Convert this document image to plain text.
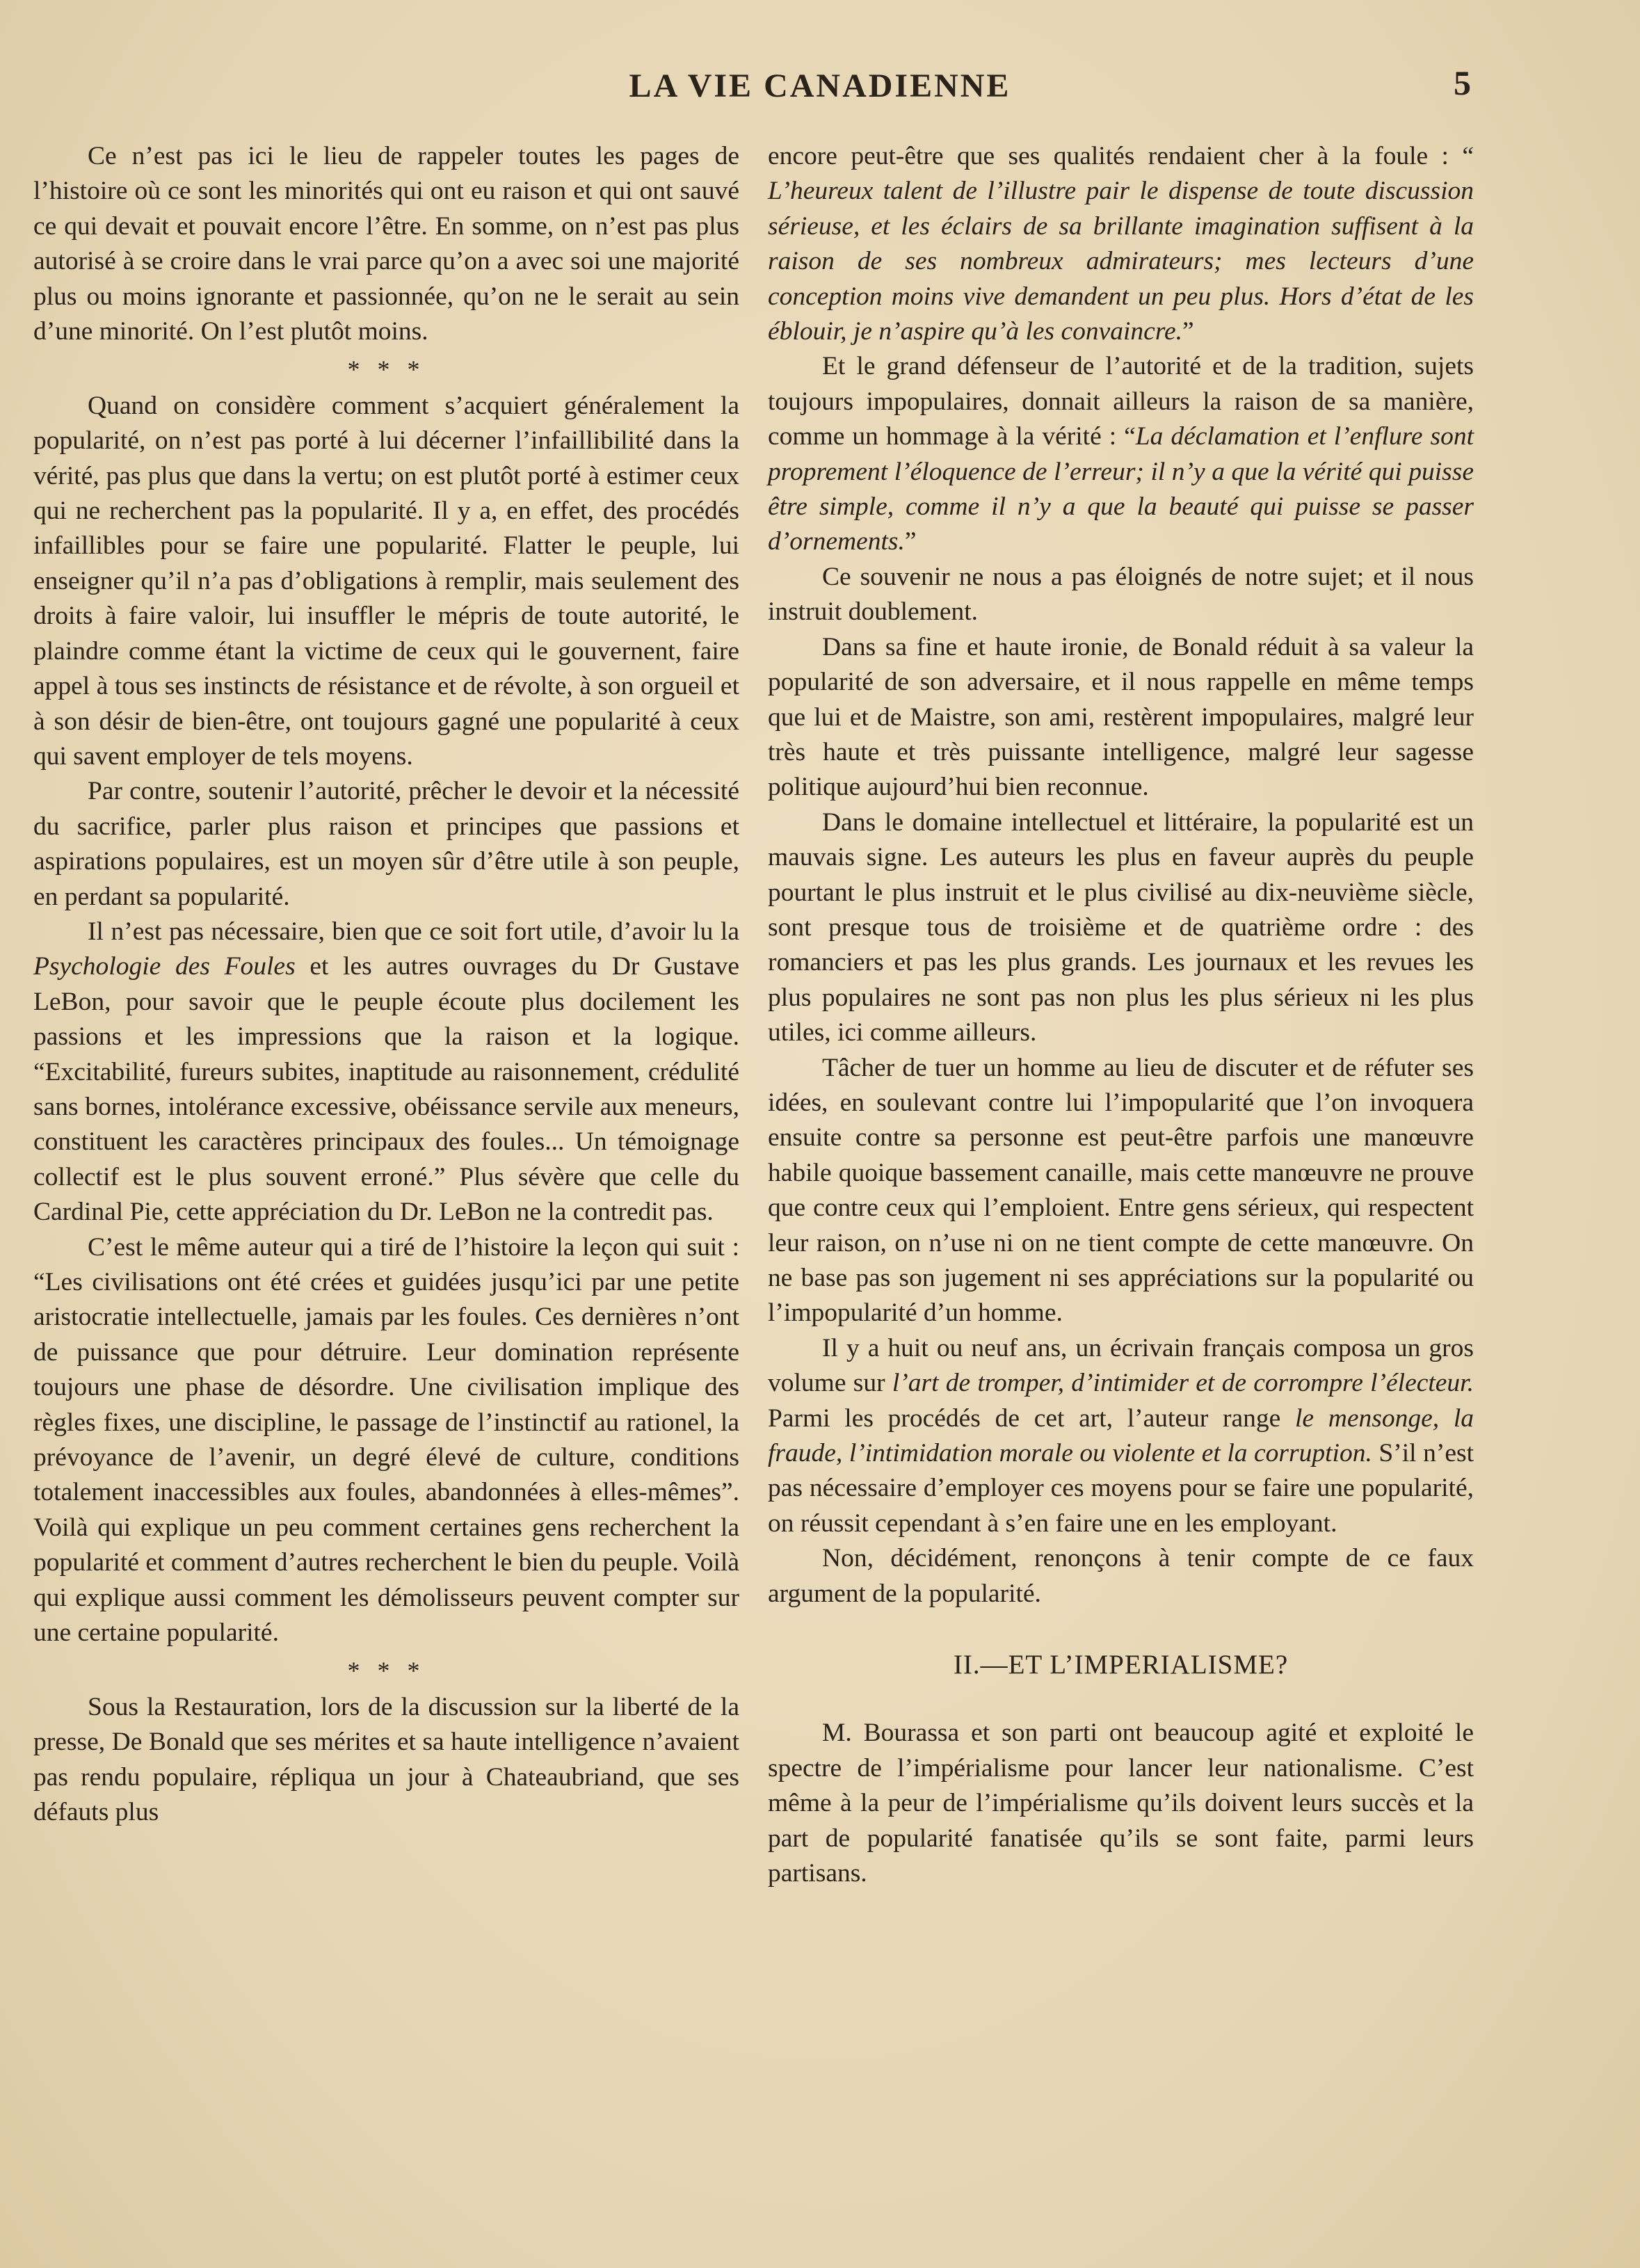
LA VIE CANADIENNE	5

Ce n’est pas ici le lieu de rappeler toutes les pages de l’histoire où ce sont les minorités qui ont eu raison et qui ont sauvé ce qui devait et pouvait encore l’être. En somme, on n’est pas plus autorisé à se croire dans le vrai parce qu’on a avec soi une majorité plus ou moins ignorante et passionnée, qu’on ne le serait au sein d’une minorité. On l’est plutôt moins.

* * *

Quand on considère comment s’acquiert généralement la popularité, on n’est pas porté à lui décerner l’infaillibilité dans la vérité, pas plus que dans la vertu; on est plutôt porté à estimer ceux qui ne recherchent pas la popularité. Il y a, en effet, des procédés infaillibles pour se faire une popularité. Flatter le peuple, lui enseigner qu’il n’a pas d’obligations à remplir, mais seulement des droits à faire valoir, lui insuffler le mépris de toute autorité, le plaindre comme étant la victime de ceux qui le gouvernent, faire appel à tous ses instincts de résistance et de révolte, à son orgueil et à son désir de bien-être, ont toujours gagné une popularité à ceux qui savent employer de tels moyens.

Par contre, soutenir l’autorité, prêcher le devoir et la nécessité du sacrifice, parler plus raison et principes que passions et aspirations populaires, est un moyen sûr d’être utile à son peuple, en perdant sa popularité.

Il n’est pas nécessaire, bien que ce soit fort utile, d’avoir lu la Psychologie des Foules et les autres ouvrages du Dr Gustave LeBon, pour savoir que le peuple écoute plus docilement les passions et les impressions que la raison et la logique. “Excitabilité, fureurs subites, inaptitude au raisonnement, crédulité sans bornes, intolérance excessive, obéissance servile aux meneurs, constituent les caractères principaux des foules... Un témoignage collectif est le plus souvent erroné.” Plus sévère que celle du Cardinal Pie, cette appréciation du Dr. LeBon ne la contredit pas.

C’est le même auteur qui a tiré de l’histoire la leçon qui suit : “Les civilisations ont été crées et guidées jusqu’ici par une petite aristocratie intellectuelle, jamais par les foules. Ces dernières n’ont de puissance que pour détruire. Leur domination représente toujours une phase de désordre. Une civilisation implique des règles fixes, une discipline, le passage de l’instinctif au rationel, la prévoyance de l’avenir, un degré élevé de culture, conditions totalement inaccessibles aux foules, abandonnées à elles-mêmes”. Voilà qui explique un peu comment certaines gens recherchent la popularité et comment d’autres recherchent le bien du peuple. Voilà qui explique aussi comment les démolisseurs peuvent compter sur une certaine popularité.

* * *

Sous la Restauration, lors de la discussion sur la liberté de la presse, De Bonald que ses mérites et sa haute intelligence n’avaient pas rendu populaire, répliqua un jour à Chateaubriand, que ses défauts plus

encore peut-être que ses qualités rendaient cher à la foule : “ L’heureux talent de l’illustre pair le dispense de toute discussion sérieuse, et les éclairs de sa brillante imagination suffisent à la raison de ses nombreux admirateurs; mes lecteurs d’une conception moins vive demandent un peu plus. Hors d’état de les éblouir, je n’aspire qu’à les convaincre.”

Et le grand défenseur de l’autorité et de la tradition, sujets toujours impopulaires, donnait ailleurs la raison de sa manière, comme un hommage à la vérité : “La déclamation et l’enflure sont proprement l’éloquence de l’erreur; il n’y a que la vérité qui puisse être simple, comme il n’y a que la beauté qui puisse se passer d’ornements.”

Ce souvenir ne nous a pas éloignés de notre sujet; et il nous instruit doublement.

Dans sa fine et haute ironie, de Bonald réduit à sa valeur la popularité de son adversaire, et il nous rappelle en même temps que lui et de Maistre, son ami, restèrent impopulaires, malgré leur très haute et très puissante intelligence, malgré leur sagesse politique aujourd’hui bien reconnue.

Dans le domaine intellectuel et littéraire, la popularité est un mauvais signe. Les auteurs les plus en faveur auprès du peuple pourtant le plus instruit et le plus civilisé au dix-neuvième siècle, sont presque tous de troisième et de quatrième ordre : des romanciers et pas les plus grands. Les journaux et les revues les plus populaires ne sont pas non plus les plus sérieux ni les plus utiles, ici comme ailleurs.

Tâcher de tuer un homme au lieu de discuter et de réfuter ses idées, en soulevant contre lui l’impopularité que l’on invoquera ensuite contre sa personne est peut-être parfois une manœuvre habile quoique bassement canaille, mais cette manœuvre ne prouve que contre ceux qui l’emploient. Entre gens sérieux, qui respectent leur raison, on n’use ni on ne tient compte de cette manœuvre. On ne base pas son jugement ni ses appréciations sur la popularité ou l’impopularité d’un homme.

Il y a huit ou neuf ans, un écrivain français composa un gros volume sur l’art de tromper, d’intimider et de corrompre l’électeur. Parmi les procédés de cet art, l’auteur range le mensonge, la fraude, l’intimidation morale ou violente et la corruption. S’il n’est pas nécessaire d’employer ces moyens pour se faire une popularité, on réussit cependant à s’en faire une en les employant.

Non, décidément, renonçons à tenir compte de ce faux argument de la popularité.

II.—ET L’IMPERIALISME?

M. Bourassa et son parti ont beaucoup agité et exploité le spectre de l’impérialisme pour lancer leur nationalisme. C’est même à la peur de l’impérialisme qu’ils doivent leurs succès et la part de popularité fanatisée qu’ils se sont faite, parmi leurs partisans.
